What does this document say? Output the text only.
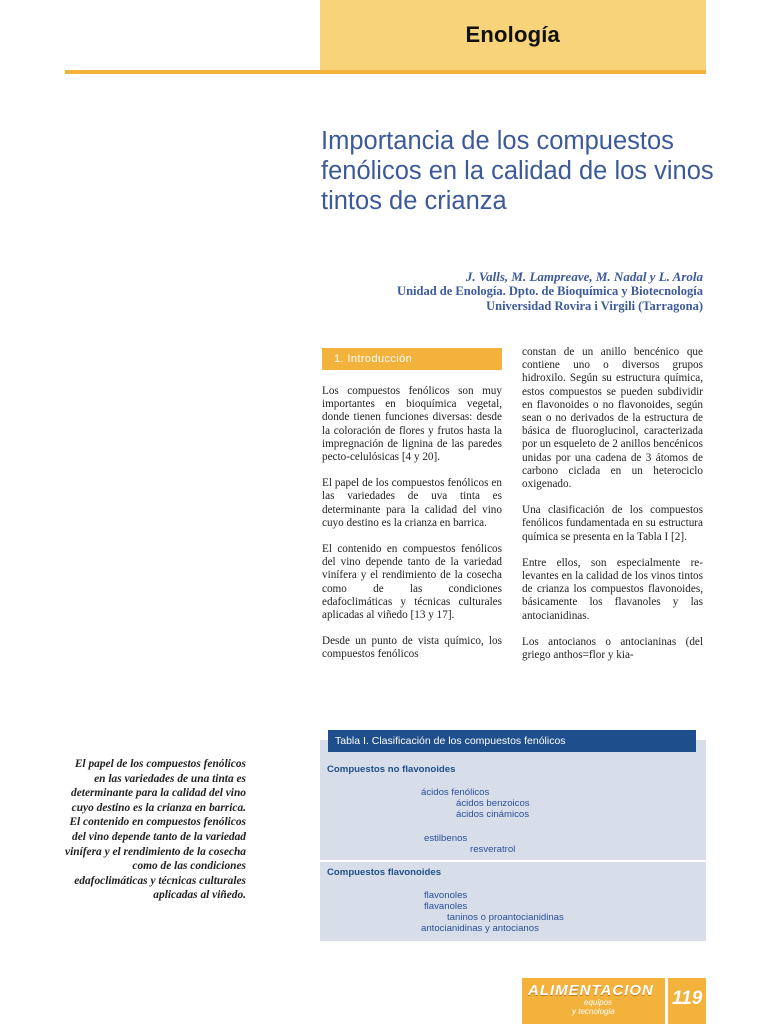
Enología
Importancia de los compuestos fenólicos en la calidad de los vinos tintos de crianza
J. Valls, M. Lampreave, M. Nadal y L. Arola
Unidad de Enología. Dpto. de Bioquímica y Biotecnología
Universidad Rovira i Virgili (Tarragona)
1. Introducción

Los compuestos fenólicos son muy importantes en bioquímica vegetal, donde tienen funciones diversas: desde la coloración de flores y frutos hasta la impregnación de lignina de las paredes pecto-celulósicas [4 y 20].

El papel de los compuestos fenólicos en las variedades de uva tinta es determinante para la calidad del vino cuyo destino es la crianza en barrica.

El contenido en compuestos fenólicos del vino depende tanto de la variedad vinífera y el rendimiento de la cosecha como de las condiciones edafoclimáticas y técnicas culturales aplicadas al viñedo [13 y 17].

Desde un punto de vista químico, los compuestos fenólicos

constan de un anillo bencénico que contiene uno o diversos grupos hidroxilo. Según su estructura química, estos compuestos se pueden subdividir en flavonoides o no flavonoides, según sean o no derivados de la estructura de básica de fluoroglucinol, caracterizada por un esqueleto de 2 anillos bencénicos unidas por una cadena de 3 átomos de carbono ciclada en un heterociclo oxigenado.

Una clasificación de los compuestos fenólicos fundamentada en su estructura química se presenta en la Tabla I [2].

Entre ellos, son especialmente relevantes en la calidad de los vinos tintos de crianza los compuestos flavonoides, básicamente los flavanoles y las antocianidinas.

Los antocianos o antocianinas (del griego anthos=flor y kia-

El papel de los compuestos fenólicos en las variedades de una tinta es determinante para la calidad del vino cuyo destino es la crianza en barrica. El contenido en compuestos fenólicos del vino depende tanto de la variedad vinífera y el rendimiento de la cosecha como de las condiciones edafoclimáticas y técnicas culturales aplicadas al viñedo.
Tabla I. Clasificación de los compuestos fenólicos
Compuestos no flavonoides
ácidos fenólicos
ácidos benzoicos
ácidos cinámicos
estilbenos
resveratrol
Compuestos flavonoides
flavonoles
flavanoles
taninos o proantocianidinas
antocianidinas y antocianos
ALIMENTACION
equipos
y tecnologia
119
